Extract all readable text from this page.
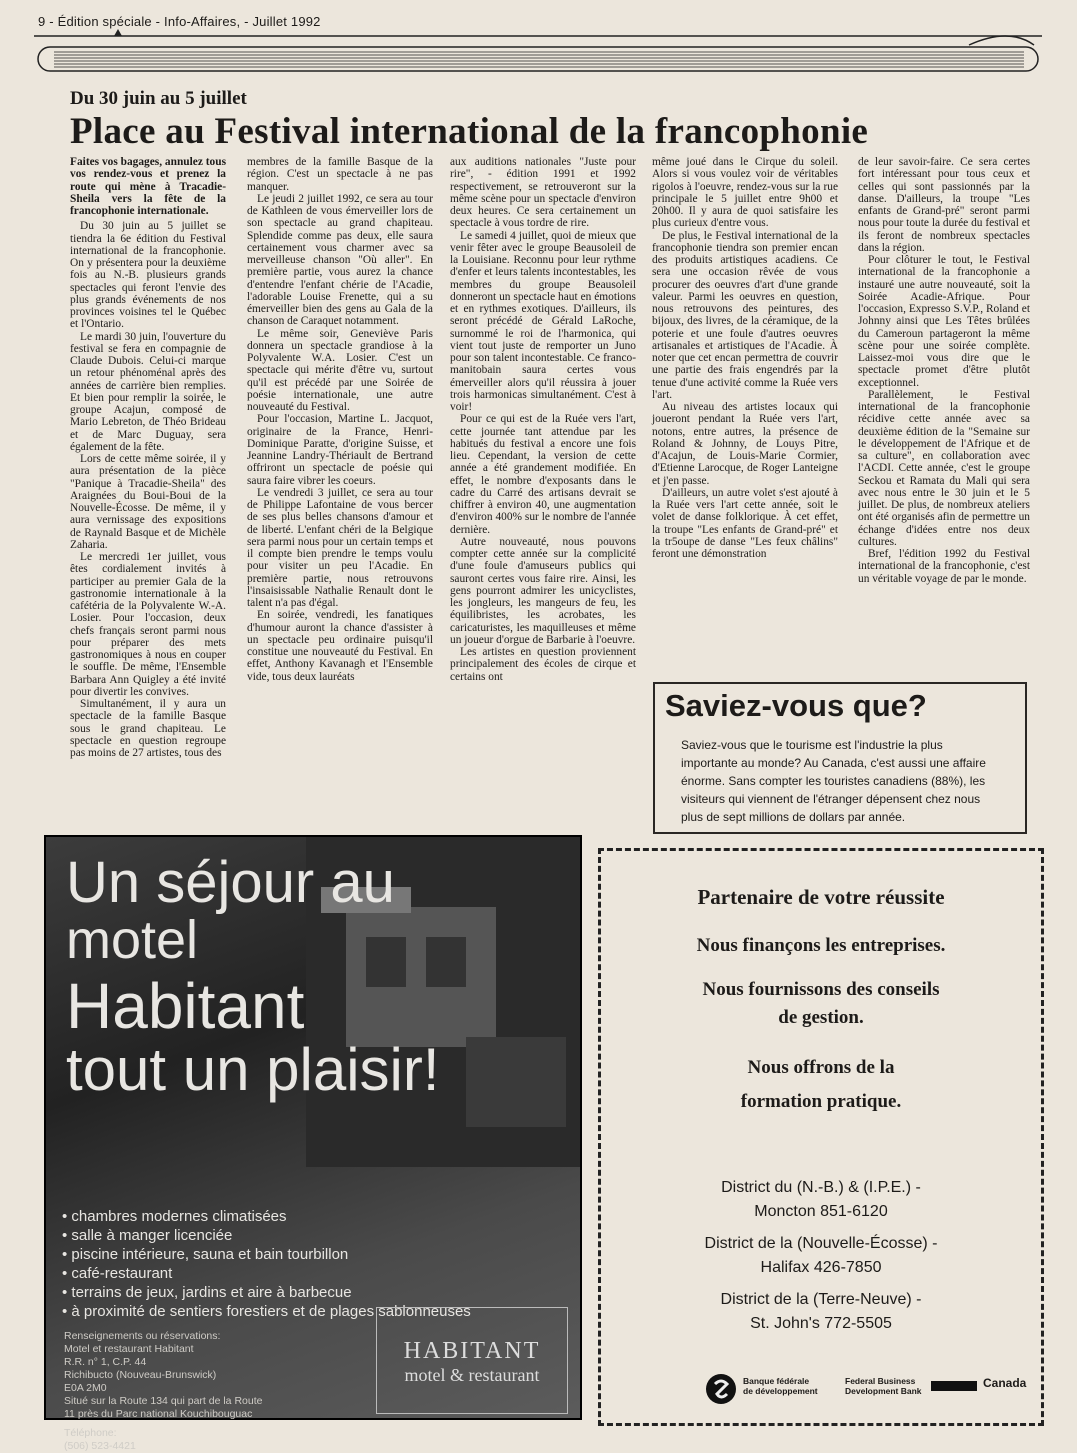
9 - Édition spéciale - Info-Affaires, - Juillet 1992
Du 30 juin au 5 juillet
Place au Festival international de la francophonie

Faites vos bagages, annulez tous vos rendez-vous et prenez la route qui mène à Tracadie-Sheila vers la fête de la francophonie internationale.

Du 30 juin au 5 juillet se tiendra la 6e édition du Festival international de la francophonie. On y présentera pour la deuxième fois au N.-B. plusieurs grands spectacles qui feront l'envie des plus grands événements de nos provinces voisines tel le Québec et l'Ontario.

Le mardi 30 juin, l'ouverture du festival se fera en compagnie de Claude Dubois. Celui-ci marque un retour phénoménal après des années de carrière bien remplies. Et bien pour remplir la soirée, le groupe Acajun, composé de Mario Lebreton, de Théo Brideau et de Marc Duguay, sera également de la fête.

Lors de cette même soirée, il y aura présentation de la pièce "Panique à Tracadie-Sheila" des Araignées du Boui-Boui de la Nouvelle-Écosse. De même, il y aura vernissage des expositions de Raynald Basque et de Michèle Zaharia.

Le mercredi 1er juillet, vous êtes cordialement invités à participer au premier Gala de la gastronomie internationale à la cafétéria de la Polyvalente W.-A. Losier. Pour l'occasion, deux chefs français seront parmi nous pour préparer des mets gastronomiques à nous en couper le souffle. De même, l'Ensemble Barbara Ann Quigley a été invité pour divertir les convives.

Simultanément, il y aura un spectacle de la famille Basque sous le grand chapiteau. Le spectacle en question regroupe pas moins de 27 artistes, tous des

membres de la famille Basque de la région. C'est un spectacle à ne pas manquer.

Le jeudi 2 juillet 1992, ce sera au tour de Kathleen de vous émerveiller lors de son spectacle au grand chapiteau. Splendide comme pas deux, elle saura certainement vous charmer avec sa merveilleuse chanson "Où aller". En première partie, vous aurez la chance d'entendre l'enfant chérie de l'Acadie, l'adorable Louise Frenette, qui a su émerveiller bien des gens au Gala de la chanson de Caraquet notamment.

Le même soir, Geneviève Paris donnera un spectacle grandiose à la Polyvalente W.A. Losier. C'est un spectacle qui mérite d'être vu, surtout qu'il est précédé par une Soirée de poésie internationale, une autre nouveauté du Festival.

Pour l'occasion, Martine L. Jacquot, originaire de la France, Henri-Dominique Paratte, d'origine Suisse, et Jeannine Landry-Thériault de Bertrand offriront un spectacle de poésie qui saura faire vibrer les coeurs.

Le vendredi 3 juillet, ce sera au tour de Philippe Lafontaine de vous bercer de ses plus belles chansons d'amour et de liberté. L'enfant chéri de la Belgique sera parmi nous pour un certain temps et il compte bien prendre le temps voulu pour visiter un peu l'Acadie. En première partie, nous retrouvons l'insaisissable Nathalie Renault dont le talent n'a pas d'égal.

En soirée, vendredi, les fanatiques d'humour auront la chance d'assister à un spectacle peu ordinaire puisqu'il constitue une nouveauté du Festival. En effet, Anthony Kavanagh et l'Ensemble vide, tous deux lauréats

aux auditions nationales "Juste pour rire", - édition 1991 et 1992 respectivement, se retrouveront sur la même scène pour un spectacle d'environ deux heures. Ce sera certainement un spectacle à vous tordre de rire.

Le samedi 4 juillet, quoi de mieux que venir fêter avec le groupe Beausoleil de la Louisiane. Reconnu pour leur rythme d'enfer et leurs talents incontestables, les membres du groupe Beausoleil donneront un spectacle haut en émotions et en rythmes exotiques. D'ailleurs, ils seront précédé de Gérald LaRoche, surnommé le roi de l'harmonica, qui vient tout juste de remporter un Juno pour son talent incontestable. Ce franco-manitobain saura certes vous émerveiller alors qu'il réussira à jouer trois harmonicas simultanément. C'est à voir!

Pour ce qui est de la Ruée vers l'art, cette journée tant attendue par les habitués du festival a encore une fois lieu. Cependant, la version de cette année a été grandement modifiée. En effet, le nombre d'exposants dans le cadre du Carré des artisans devrait se chiffrer à environ 40, une augmentation d'environ 400% sur le nombre de l'année dernière.

Autre nouveauté, nous pouvons compter cette année sur la complicité d'une foule d'amuseurs publics qui sauront certes vous faire rire. Ainsi, les gens pourront admirer les unicyclistes, les jongleurs, les mangeurs de feu, les équilibristes, les acrobates, les caricaturistes, les maquilleuses et même un joueur d'orgue de Barbarie à l'oeuvre.

Les artistes en question proviennent principalement des écoles de cirque et certains ont

même joué dans le Cirque du soleil. Alors si vous voulez voir de véritables rigolos à l'oeuvre, rendez-vous sur la rue principale le 5 juillet entre 9h00 et 20h00. Il y aura de quoi satisfaire les plus curieux d'entre vous.

De plus, le Festival international de la francophonie tiendra son premier encan des produits artistiques acadiens. Ce sera une occasion rêvée de vous procurer des oeuvres d'art d'une grande valeur. Parmi les oeuvres en question, nous retrouvons des peintures, des bijoux, des livres, de la céramique, de la poterie et une foule d'autres oeuvres artisanales et artistiques de l'Acadie. À noter que cet encan permettra de couvrir une partie des frais engendrés par la tenue d'une activité comme la Ruée vers l'art.

Au niveau des artistes locaux qui joueront pendant la Ruée vers l'art, notons, entre autres, la présence de Roland & Johnny, de Louys Pitre, d'Acajun, de Louis-Marie Cormier, d'Etienne Larocque, de Roger Lanteigne et j'en passe.

D'ailleurs, un autre volet s'est ajouté à la Ruée vers l'art cette année, soit le volet de danse folklorique. À cet effet, la troupe "Les enfants de Grand-pré" et la tr5oupe de danse "Les feux châlins" feront une démonstration

de leur savoir-faire. Ce sera certes fort intéressant pour tous ceux et celles qui sont passionnés par la danse. D'ailleurs, la troupe "Les enfants de Grand-pré" seront parmi nous pour toute la durée du festival et ils feront de nombreux spectacles dans la région.

Pour clôturer le tout, le Festival international de la francophonie a instauré une autre nouveauté, soit la Soirée Acadie-Afrique. Pour l'occasion, Expresso S.V.P., Roland et Johnny ainsi que Les Têtes brûlées du Cameroun partageront la même scène pour une soirée complète. Laissez-moi vous dire que le spectacle promet d'être plutôt exceptionnel.

Parallèlement, le Festival international de la francophonie récidive cette année avec sa deuxième édition de la "Semaine sur le développement de l'Afrique et de sa culture", en collaboration avec l'ACDI. Cette année, c'est le groupe Seckou et Ramata du Mali qui sera avec nous entre le 30 juin et le 5 juillet. De plus, de nombreux ateliers ont été organisés afin de permettre un échange d'idées entre nos deux cultures.

Bref, l'édition 1992 du Festival international de la francophonie, c'est un véritable voyage de par le monde.

Saviez-vous que?
Saviez-vous que le tourisme est l'industrie la plus importante au monde? Au Canada, c'est aussi une affaire énorme. Sans compter les touristes canadiens (88%), les visiteurs qui viennent de l'étranger dépensent chez nous plus de sept millions de dollars par année.
Un séjour au
motel
Habitant
tout un plaisir!
• chambres modernes climatisées
• salle à manger licenciée
• piscine intérieure, sauna et bain tourbillon
• café-restaurant
• terrains de jeux, jardins et aire à barbecue
• à proximité de sentiers forestiers et de plages sablonneuses
Renseignements ou réservations:
Motel et restaurant Habitant
R.R. n° 1, C.P. 44
Richibucto (Nouveau-Brunswick)
E0A 2M0
Situé sur la Route 134 qui part de la Route
11 près du Parc national Kouchibouguac
Téléphone:
(506) 523-4421
HABITANT
motel & restaurant
Partenaire de votre réussite
Nous finançons les entreprises.
Nous fournissons des conseils
de gestion.
Nous offrons de la
formation pratique.
District du (N.-B.) & (I.P.E.) -
Moncton 851-6120
District de la (Nouvelle-Écosse) -
Halifax 426-7850
District de la (Terre-Neuve) -
St. John's 772-5505
Banque fédérale
de développement
Federal Business
Development Bank
Canada
